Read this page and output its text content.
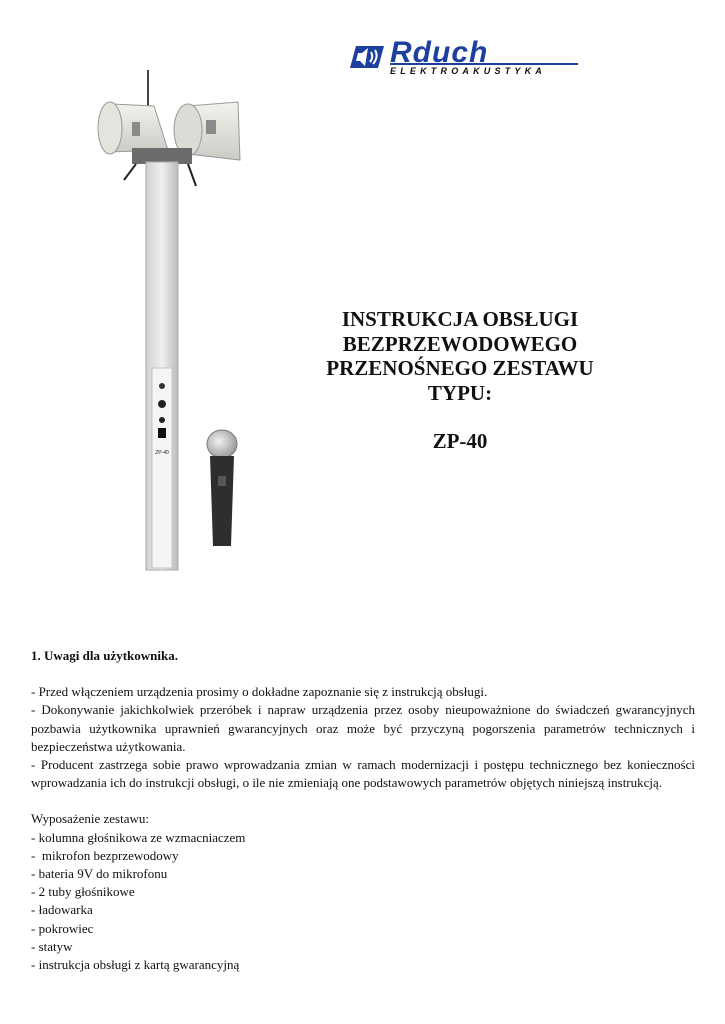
Rduch
ELEKTROAKUSTYKA
ZP-40
INSTRUKCJA OBSŁUGI
BEZPRZEWODOWEGO
PRZENOŚNEGO ZESTAWU
TYPU:
ZP-40

1. Uwagi dla użytkownika.

- Przed włączeniem urządzenia prosimy o dokładne zapoznanie się z instrukcją obsługi.

- Dokonywanie jakichkolwiek przeróbek i napraw urządzenia przez osoby nieupoważnione do świadczeń gwarancyjnych pozbawia użytkownika uprawnień gwarancyjnych oraz może być przyczyną pogorszenia parametrów technicznych i bezpieczeństwa użytkowania.

- Producent zastrzega sobie prawo wprowadzania zmian w ramach modernizacji i postępu technicznego bez konieczności wprowadzania ich do instrukcji obsługi, o ile nie zmieniają one podstawowych parametrów objętych niniejszą instrukcją.

Wyposażenie zestawu:

- kolumna głośnikowa ze wzmacniaczem
-  mikrofon bezprzewodowy
- bateria 9V do mikrofonu
- 2 tuby głośnikowe
- ładowarka
- pokrowiec
- statyw
- instrukcja obsługi z kartą gwarancyjną
